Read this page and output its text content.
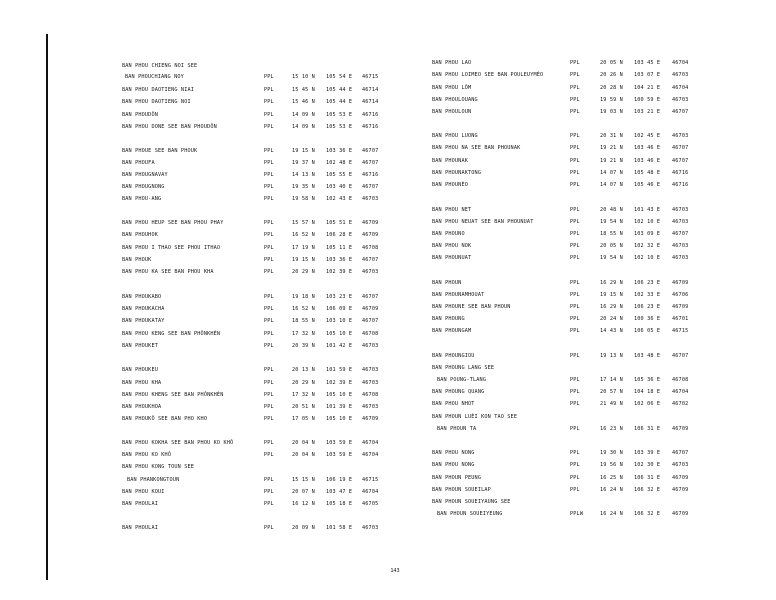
BAN PHOU CHIENG NOI SEE
BAN PHOUCHIANG NOY	PPL	15 10 N 105 54 E 46715
BAN PHOU DAOTIENG NIAI	PPL	15 45 N 105 44 E 46714
BAN PHOU DAOTIENG NOI	PPL	15 46 N 105 44 E 46714
BAN PHOUDÔN	PPL	14 09 N 105 53 E 46716
BAN PHOU DONE SEE BAN PHOUDÔN	PPL	14 09 N 105 53 E 46716
BAN PHOUE SEE BAN PHOUK	PPL	19 15 N 103 36 E 46707
BAN PHOUFA	PPL	19 37 N 102 48 E 46707
BAN PHOUGNAVAY	PPL	14 13 N 105 55 E 46716
BAN PHOUGNONG	PPL	19 35 N 103 40 E 46707
BAN PHOU-ANG	PPL	19 58 N 102 43 E 46703
BAN PHOU HEUP SEE BAN PHOU PHAY	PPL	15 57 N 105 51 E 46709
BAN PHOUHOK	PPL	16 52 N 106 28 E 46709
BAN PHOU I THAO SEE PHOU ITHAO	PPL	17 19 N 105 11 E 46708
BAN PHOUK	PPL	19 15 N 103 36 E 46707
BAN PHOU KA SEE BAN PHOU KHA	PPL	20 29 N 102 39 E 46703
BAN PHOUKABO	PPL	19 18 N 103 23 E 46707
BAN PHOUKACHA	PPL	16 52 N 106 09 E 46709
BAN PHOUKATAY	PPL	18 55 N 103 10 E 46707
BAN PHOU KENG SEE BAN PHÔNKHÈN	PPL	17 32 N 105 10 E 46708
BAN PHOUKET	PPL	20 39 N 101 42 E 46703
BAN PHOUKEU	PPL	20 13 N 101 59 E 46703
BAN PHOU KHA	PPL	20 29 N 102 39 E 46703
BAN PHOU KHENG SEE BAN PHÔNKHÈN	PPL	17 32 N 105 10 E 46708
BAN PHOUKHOA	PPL	20 51 N 101 39 E 46703
BAN PHOUKÔ SEE BAN PHO KHO	PPL	17 05 N 105 10 E 46709
BAN PHOU KOKHA SEE BAN PHOU KO KHÔ	PPL	20 04 N 103 59 E 46704
BAN PHOU KO KHÔ	PPL	20 04 N 103 59 E 46704
BAN PHOU KONG TOUN SEE
BAN PHANKONGTOUN	PPL	15 15 N 106 19 E 46715
BAN PHOU KOUI	PPL	20 07 N 103 47 E 46704
BAN PHOULAI	PPL	16 12 N 105 18 E 46705
BAN PHOULAI	PPL	20 09 N 101 58 E 46703
BAN PHOU LAO	PPL	20 05 N 103 45 E 46704
BAN PHOU LOIMEO SEE BAN POULEUYMÈO	PPL	20 26 N 103 07 E 46703
BAN PHOU LÔM	PPL	20 28 N 104 21 E 46704
BAN PHOULOUANG	PPL	19 59 N 100 59 E 46703
BAN PHOULOUN	PPL	19 03 N 103 21 E 46707
BAN PHOU LUONG	PPL	20 31 N 102 45 E 46703
BAN PHOU NA SEE BAN PHOUNAK	PPL	19 21 N 103 46 E 46707
BAN PHOUNAK	PPL	19 21 N 103 46 E 46707
BAN PHOUNAKTONG	PPL	14 07 N 105 48 E 46716
BAN PHOUNÈO	PPL	14 07 N 105 46 E 46716
BAN PHOU NET	PPL	20 48 N 101 43 E 46703
BAN PHOU NEUAT SEE BAN PHOUNUAT	PPL	19 54 N 102 10 E 46703
BAN PHOUNO	PPL	18 55 N 103 09 E 46707
BAN PHOU NOK	PPL	20 05 N 102 32 E 46703
BAN PHOUNUAT	PPL	19 54 N 102 10 E 46703
BAN PHOUN	PPL	16 29 N 106 23 E 46709
BAN PHOUNAMHOUAT	PPL	19 15 N 102 33 E 46706
BAN PHOUNE SEE BAN PHOUN	PPL	16 29 N 106 23 E 46709
BAN PHOUNG	PPL	20 24 N 100 36 E 46701
BAN PHOUNGAM	PPL	14 43 N 106 05 E 46715
BAN PHOUNGIOU	PPL	19 13 N 103 48 E 46707
BAN PHOUNG LANG SEE
BAN POUNG-TLANG	PPL	17 14 N 105 36 E 46708
BAN PHOUNG QUANG	PPL	20 57 N 104 18 E 46704
BAN PHOU NHOT	PPL	21 49 N 102 06 E 46702
BAN PHOUN LUÈI KON TAO SEE
BAN PHOUN TA	PPL	16 23 N 106 31 E 46709
BAN PHOU NONG	PPL	19 30 N 103 39 E 46707
BAN PHOU NONG	PPL	19 56 N 102 30 E 46703
BAN PHOUN PEUNG	PPL	16 25 N 106 31 E 46709
BAN PHOUN SOUEILAP	PPL	16 24 N 106 32 E 46709
BAN PHOUN SOUEIYAUNG SEE
BAN PHOUN SOUEIYEUNG	PPLW	16 24 N 106 32 E 46709
143
